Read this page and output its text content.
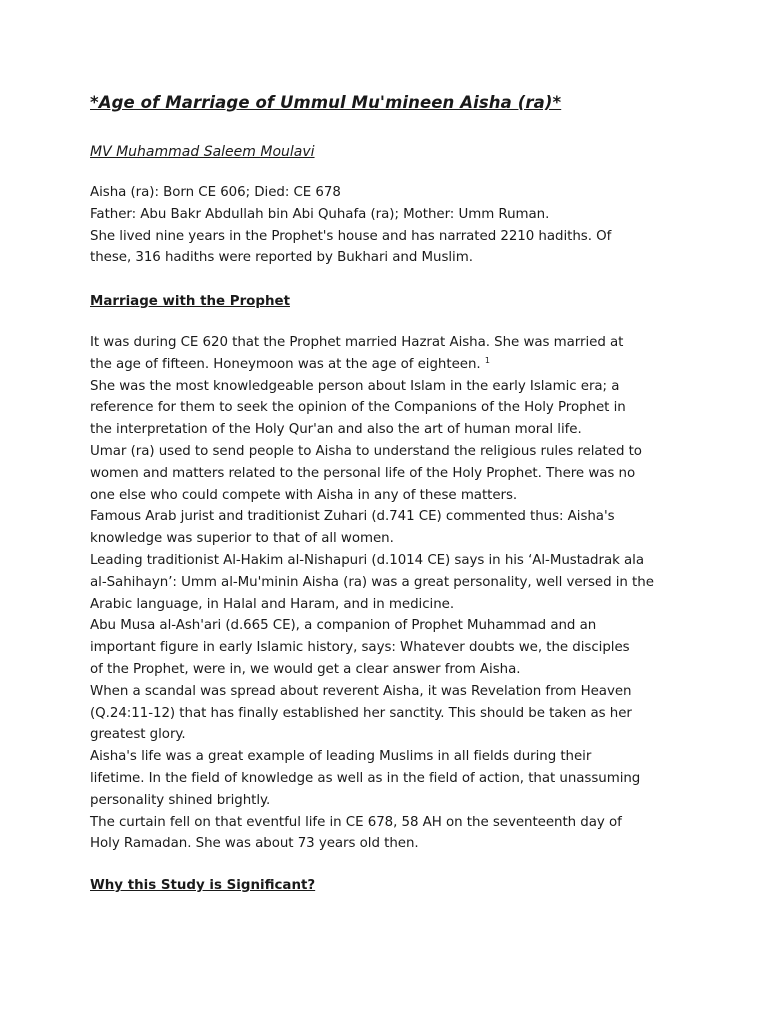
*Age of Marriage of Ummul Mu'mineen Aisha (ra)*

MV Muhammad Saleem Moulavi

Aisha (ra): Born CE 606; Died: CE 678
Father: Abu Bakr Abdullah bin Abi Quhafa (ra); Mother: Umm Ruman.
She lived nine years in the Prophet's house and has narrated 2210 hadiths. Of
these, 316 hadiths were reported by Bukhari and Muslim.
Marriage with the Prophet
It was during CE 620 that the Prophet married Hazrat Aisha. She was married at
the age of fifteen. Honeymoon was at the age of eighteen. $^1$
She was the most knowledgeable person about Islam in the early Islamic era; a
reference for them to seek the opinion of the Companions of the Holy Prophet in
the interpretation of the Holy Qur'an and also the art of human moral life.
Umar (ra) used to send people to Aisha to understand the religious rules related to
women and matters related to the personal life of the Holy Prophet. There was no
one else who could compete with Aisha in any of these matters.
Famous Arab jurist and traditionist Zuhari (d.741 CE) commented thus: Aisha's
knowledge was superior to that of all women.
Leading traditionist Al-Hakim al-Nishapuri (d.1014 CE) says in his ‘Al-Mustadrak ala
al-Sahihayn’: Umm al-Mu'minin Aisha (ra) was a great personality, well versed in the
Arabic language, in Halal and Haram, and in medicine.
Abu Musa al-Ash'ari (d.665 CE), a companion of Prophet Muhammad and an
important figure in early Islamic history, says: Whatever doubts we, the disciples
of the Prophet, were in, we would get a clear answer from Aisha.
When a scandal was spread about reverent Aisha, it was Revelation from Heaven
(Q.24:11-12) that has finally established her sanctity. This should be taken as her
greatest glory.
Aisha's life was a great example of leading Muslims in all fields during their
lifetime. In the field of knowledge as well as in the field of action, that unassuming
personality shined brightly.
The curtain fell on that eventful life in CE 678, 58 AH on the seventeenth day of
Holy Ramadan. She was about 73 years old then.
Why this Study is Significant?
